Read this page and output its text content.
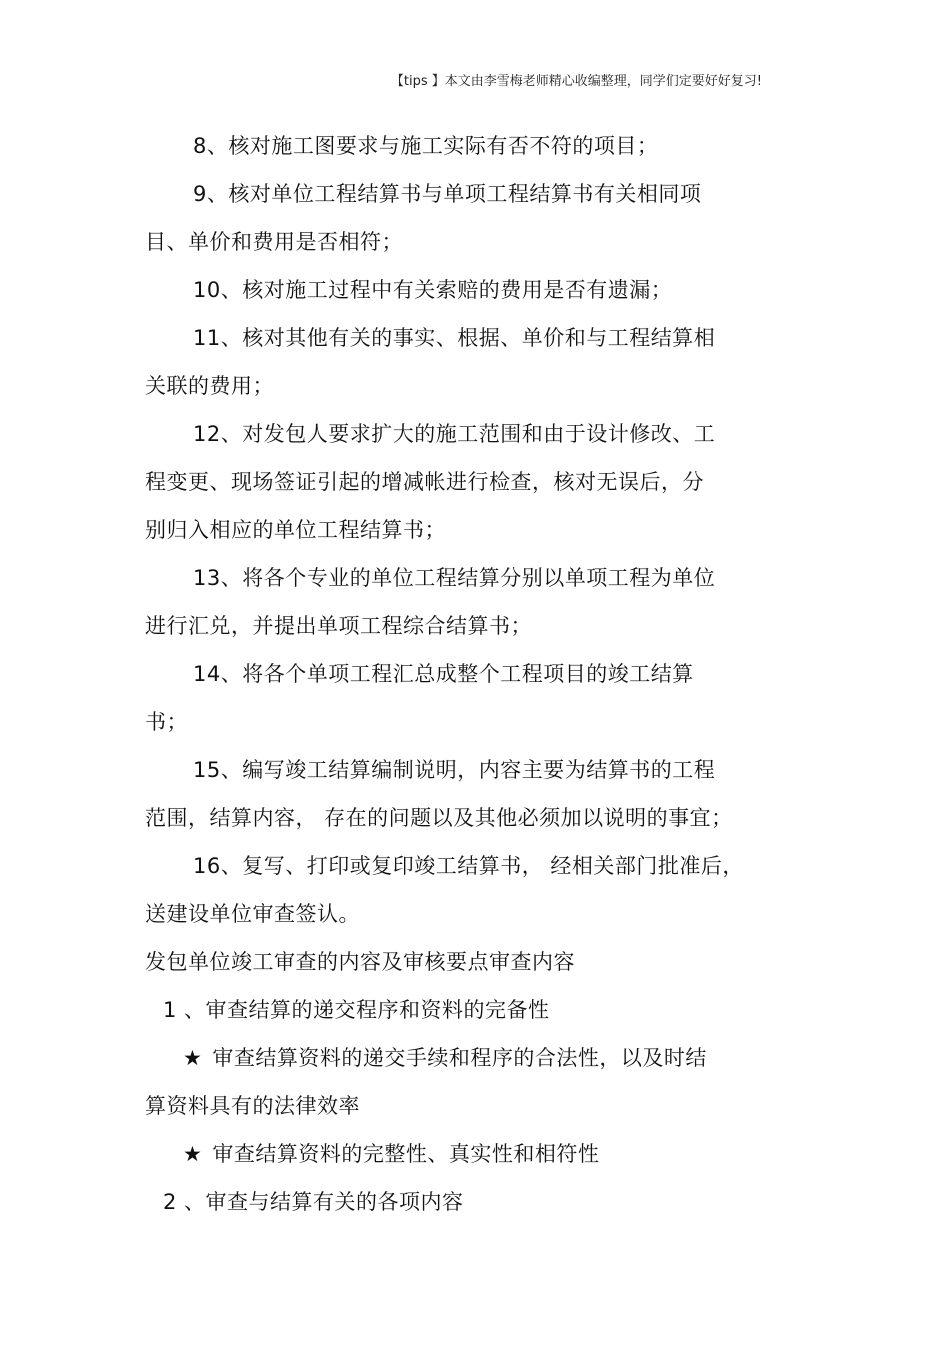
【tips 】本文由李雪梅老师精心收编整理，同学们定要好好复习!
8、核对施工图要求与施工实际有否不符的项目；
9、核对单位工程结算书与单项工程结算书有关相同项
目、单价和费用是否相符；
10、核对施工过程中有关索赔的费用是否有遗漏；
11、核对其他有关的事实、根据、单价和与工程结算相
关联的费用；
12、对发包人要求扩大的施工范围和由于设计修改、工
程变更、现场签证引起的增减帐进行检查，核对无误后，分
别归入相应的单位工程结算书；
13、将各个专业的单位工程结算分别以单项工程为单位
进行汇兑，并提出单项工程综合结算书；
14、将各个单项工程汇总成整个工程项目的竣工结算
书；
15、编写竣工结算编制说明，内容主要为结算书的工程
范围，结算内容， 存在的问题以及其他必须加以说明的事宜；
16、复写、打印或复印竣工结算书， 经相关部门批准后，
送建设单位审查签认。
发包单位竣工审查的内容及审核要点审查内容
1 、审查结算的递交程序和资料的完备性
★ 审查结算资料的递交手续和程序的合法性，以及时结
算资料具有的法律效率
★ 审查结算资料的完整性、真实性和相符性
2 、审查与结算有关的各项内容
